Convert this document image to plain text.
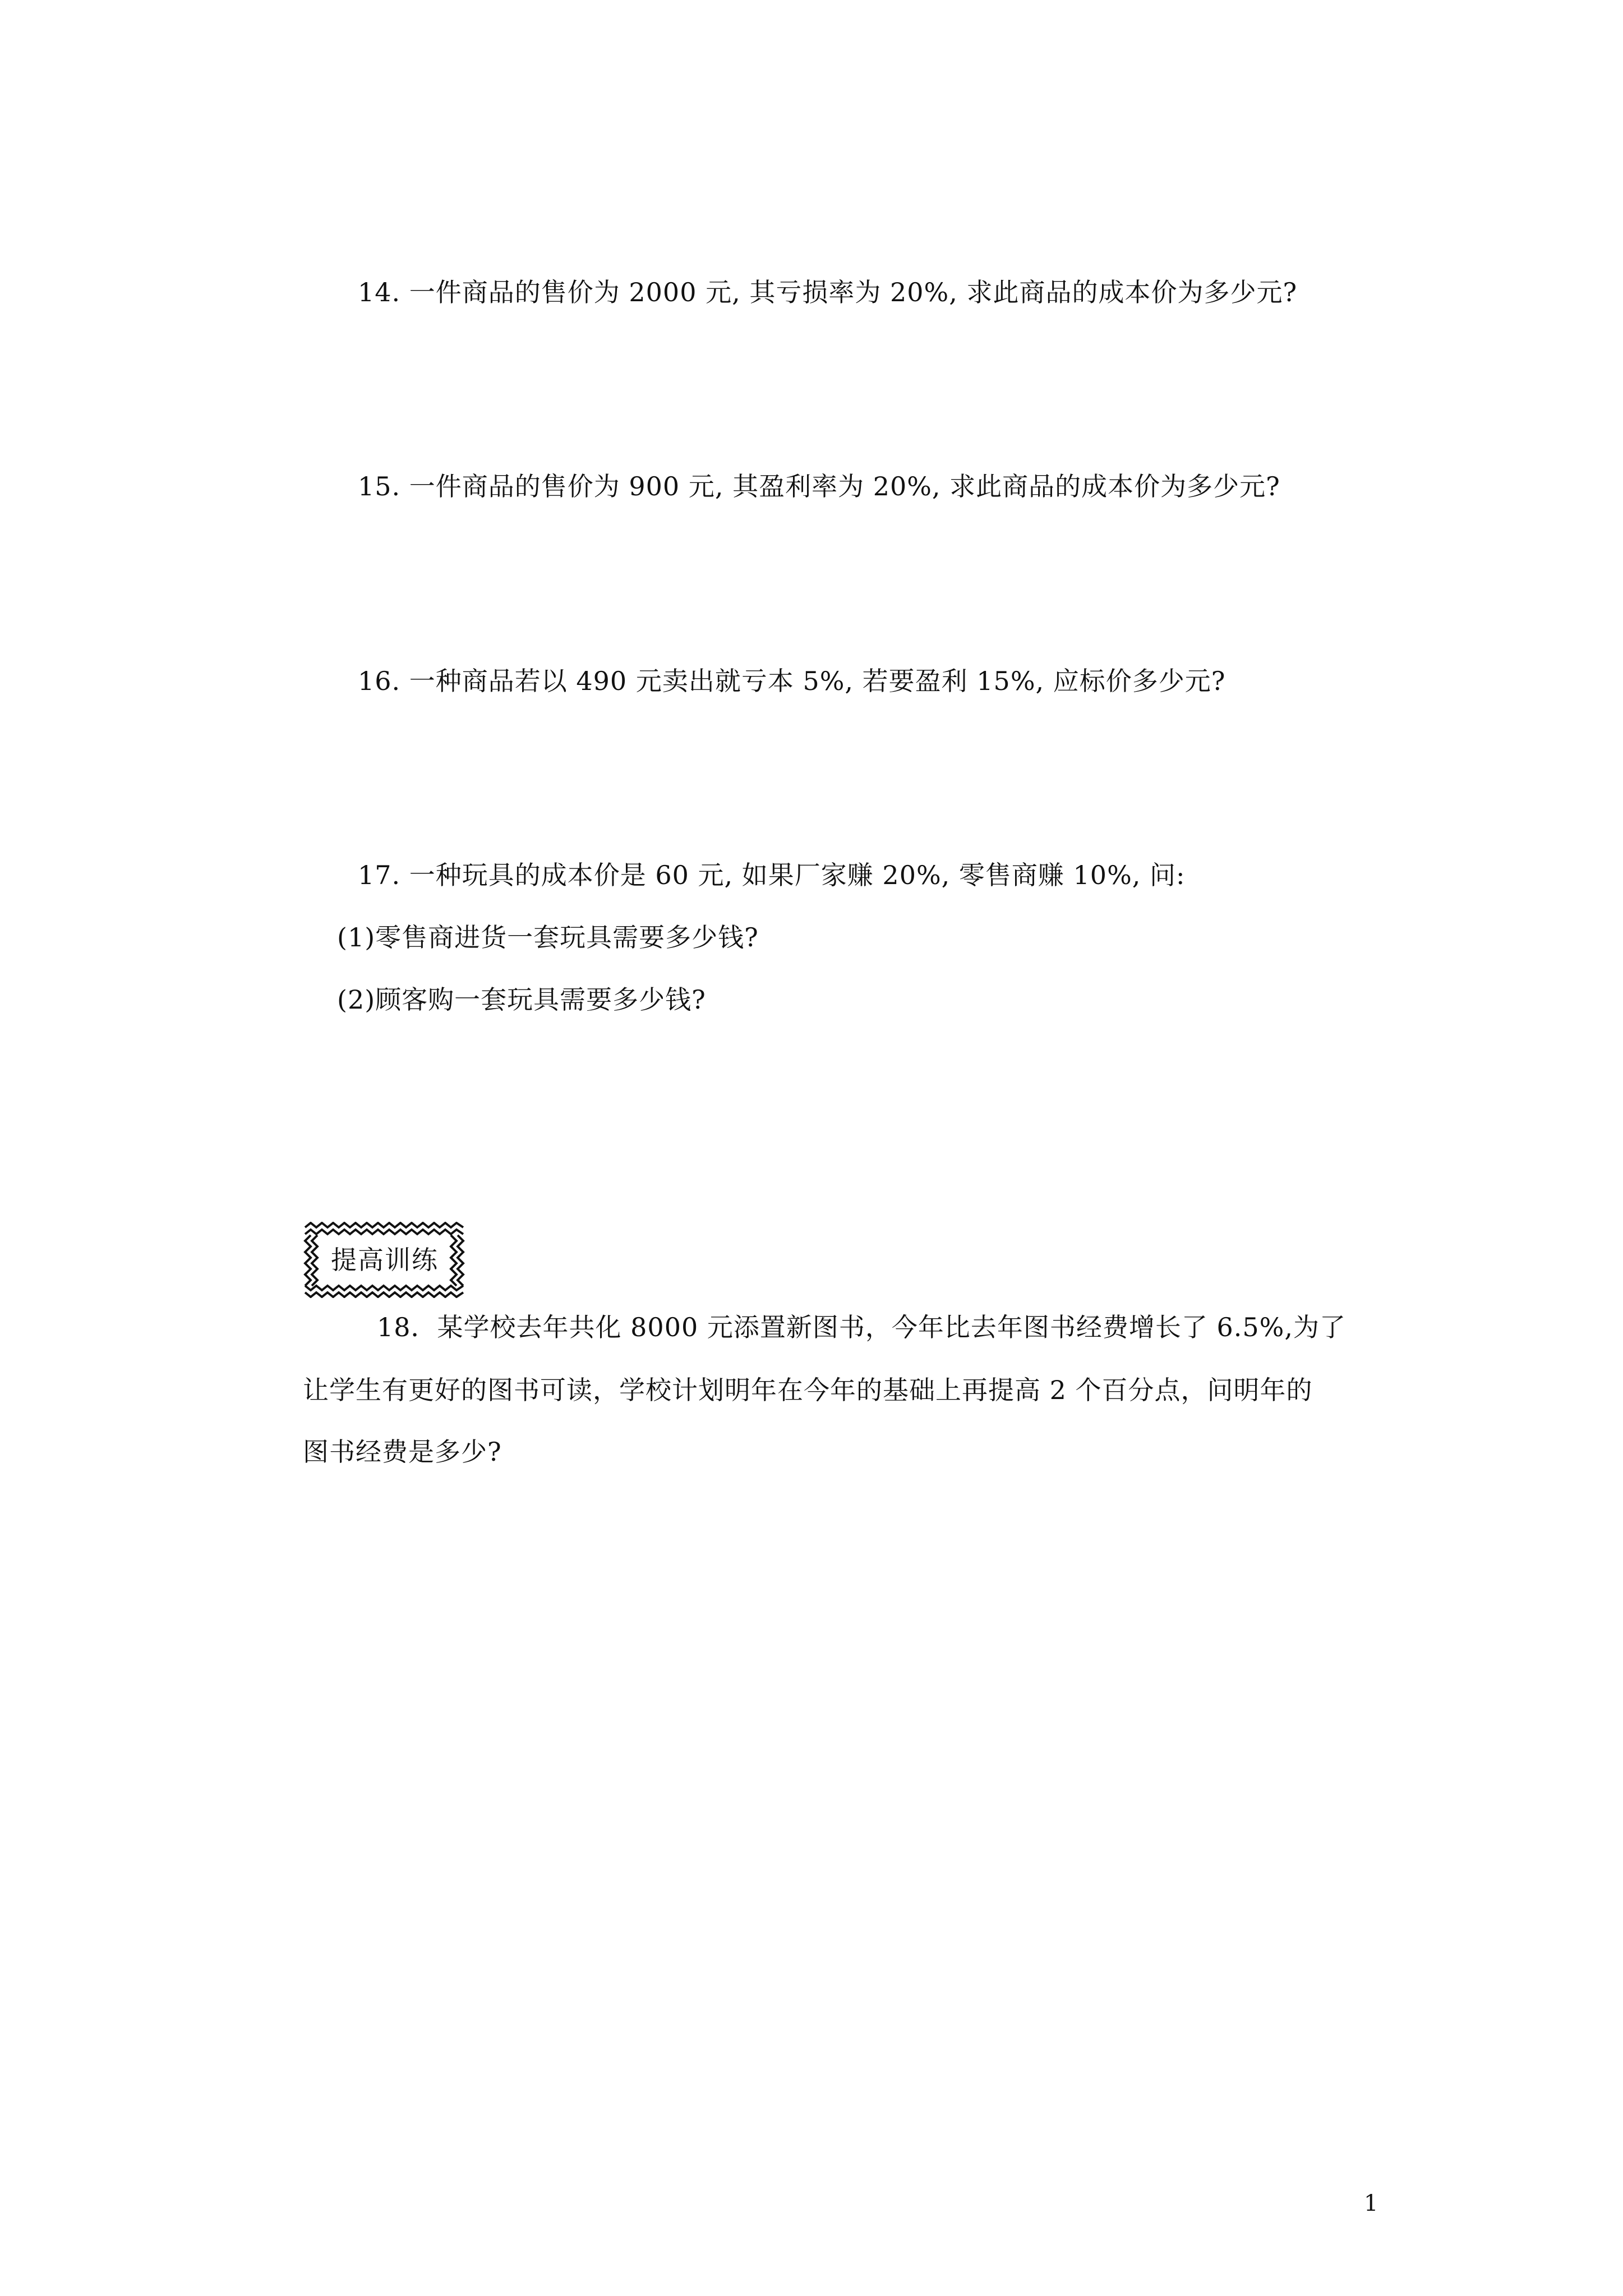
14. 一件商品的售价为 2000 元, 其亏损率为 20%, 求此商品的成本价为多少元?
15. 一件商品的售价为 900 元, 其盈利率为 20%, 求此商品的成本价为多少元?
16. 一种商品若以 490 元卖出就亏本 5%, 若要盈利 15%, 应标价多少元?
17. 一种玩具的成本价是 60 元, 如果厂家赚 20%, 零售商赚 10%, 问:
(1)零售商进货一套玩具需要多少钱?
(2)顾客购一套玩具需要多少钱?
提高训练
18．某学校去年共化 8000 元添置新图书，今年比去年图书经费增长了 6.5%,为了
让学生有更好的图书可读，学校计划明年在今年的基础上再提高 2 个百分点，问明年的
图书经费是多少?
1
